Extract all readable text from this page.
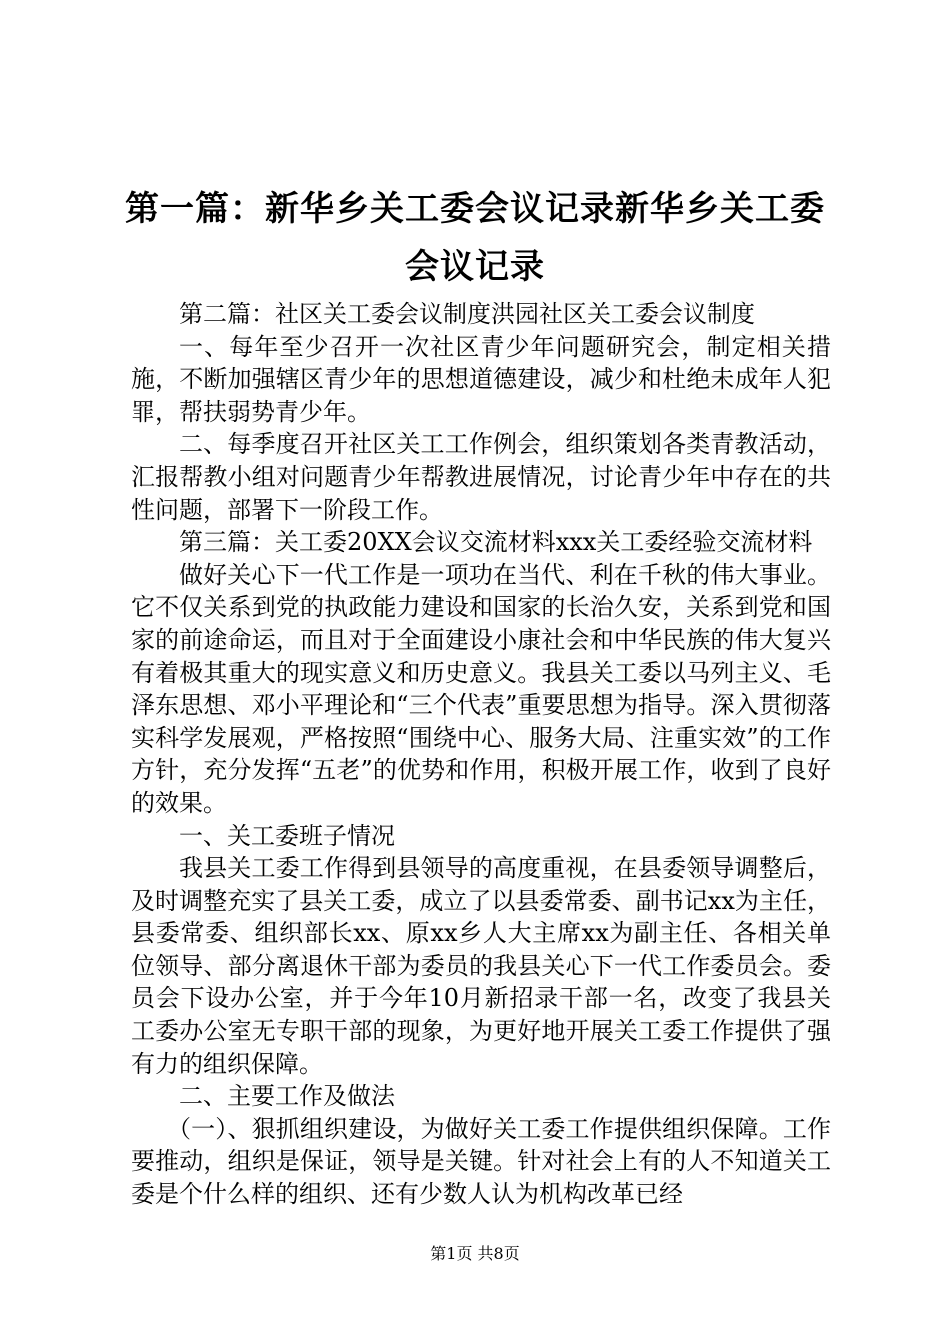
第一篇：新华乡关工委会议记录新华乡关工委会议记录

第二篇：社区关工委会议制度洪园社区关工委会议制度

一、每年至少召开一次社区青少年问题研究会，制定相关措施，不断加强辖区青少年的思想道德建设，减少和杜绝未成年人犯罪，帮扶弱势青少年。

二、每季度召开社区关工工作例会，组织策划各类青教活动，汇报帮教小组对问题青少年帮教进展情况，讨论青少年中存在的共性问题，部署下一阶段工作。

第三篇：关工委20XX会议交流材料xxx关工委经验交流材料

做好关心下一代工作是一项功在当代、利在千秋的伟大事业。它不仅关系到党的执政能力建设和国家的长治久安，关系到党和国家的前途命运，而且对于全面建设小康社会和中华民族的伟大复兴有着极其重大的现实意义和历史意义。我县关工委以马列主义、毛泽东思想、邓小平理论和“三个代表”重要思想为指导。深入贯彻落实科学发展观，严格按照“围绕中心、服务大局、注重实效”的工作方针，充分发挥“五老”的优势和作用，积极开展工作，收到了良好的效果。

一、关工委班子情况

我县关工委工作得到县领导的高度重视，在县委领导调整后，及时调整充实了县关工委，成立了以县委常委、副书记xx为主任，县委常委、组织部长xx、原xx乡人大主席xx为副主任、各相关单位领导、部分离退休干部为委员的我县关心下一代工作委员会。委员会下设办公室，并于今年10月新招录干部一名，改变了我县关工委办公室无专职干部的现象，为更好地开展关工委工作提供了强有力的组织保障。

二、主要工作及做法

（一）、狠抓组织建设，为做好关工委工作提供组织保障。工作要推动，组织是保证，领导是关键。针对社会上有的人不知道关工委是个什么样的组织、还有少数人认为机构改革已经

第1页 共8页
